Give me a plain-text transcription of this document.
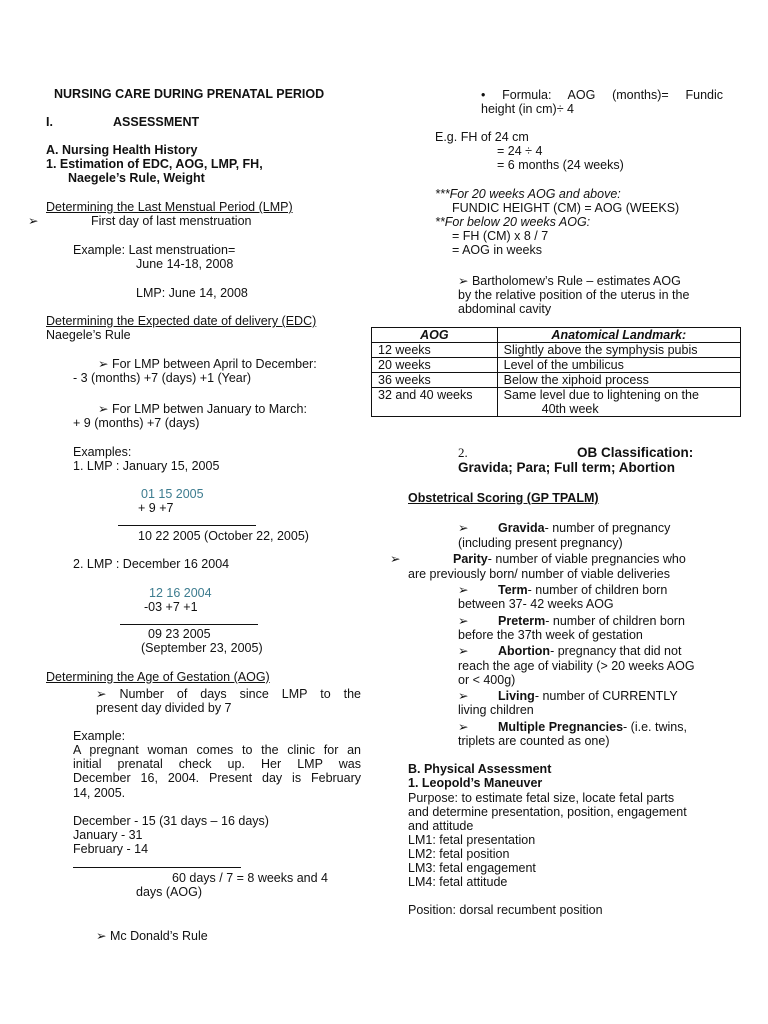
NURSING CARE DURING PRENATAL PERIOD
I.	ASSESSMENT
A. Nursing Health History
1. Estimation of EDC, AOG, LMP, FH,
Naegele’s Rule, Weight
Determining the Last Menstual Period (LMP)
➢	First day of last menstruation
Example: Last menstruation=
June 14-18, 2008
LMP: June 14, 2008
Determining the Expected date of delivery (EDC)
Naegele’s Rule
➢ For LMP between April to December:
- 3 (months) +7 (days) +1 (Year)
➢ For LMP betwen January to March:
+ 9 (months) +7 (days)
Examples:
1. LMP : January 15, 2005
01 15 2005
+ 9 +7
10 22 2005 (October 22, 2005)
2. LMP : December 16 2004
12 16 2004
-03 +7 +1
09 23 2005
(September 23, 2005)
Determining the Age of Gestation (AOG)
➢ Number of days since LMP to the
present day divided by 7
Example:
A pregnant woman comes to the clinic for an
initial prenatal check up. Her LMP was
December 16, 2004. Present day is February
14, 2005.
December - 15 (31 days – 16 days)
January - 31
February - 14
60 days / 7 = 8 weeks and 4
days (AOG)
➢ Mc Donald’s Rule
• Formula: AOG (months)= Fundic
height (in cm)÷ 4
E.g. FH of 24 cm
= 24 ÷ 4
= 6 months (24 weeks)
***For 20 weeks AOG and above:
FUNDIC HEIGHT (CM) = AOG (WEEKS)
**For below 20 weeks AOG:
= FH (CM) x 8 / 7
= AOG in weeks
➢ Bartholomew’s Rule – estimates AOG
by the relative position of the uterus in the
abdominal cavity
AOG	Anatomical Landmark:
12 weeks	Slightly above the symphysis pubis
20 weeks	Level of the umbilicus
36 weeks	Below the xiphoid process
32 and 40 weeks	Same level due to lightening on the
40th week
2.	OB Classification:
Gravida; Para; Full term; Abortion
Obstetrical Scoring (GP TPALM)
➢ Gravida- number of pregnancy
(including present pregnancy)
➢	Parity- number of viable pregnancies who
are previously born/ number of viable deliveries
➢ Term- number of children born
between 37- 42 weeks AOG
➢ Preterm- number of children born
before the 37th week of gestation
➢ Abortion- pregnancy that did not
reach the age of viability (> 20 weeks AOG
or < 400g)
➢ Living- number of CURRENTLY
living children
➢ Multiple Pregnancies- (i.e. twins,
triplets are counted as one)
B. Physical Assessment
1. Leopold’s Maneuver
Purpose: to estimate fetal size, locate fetal parts
and determine presentation, position, engagement
and attitude
LM1: fetal presentation
LM2: fetal position
LM3: fetal engagement
LM4: fetal attitude
Position: dorsal recumbent position
